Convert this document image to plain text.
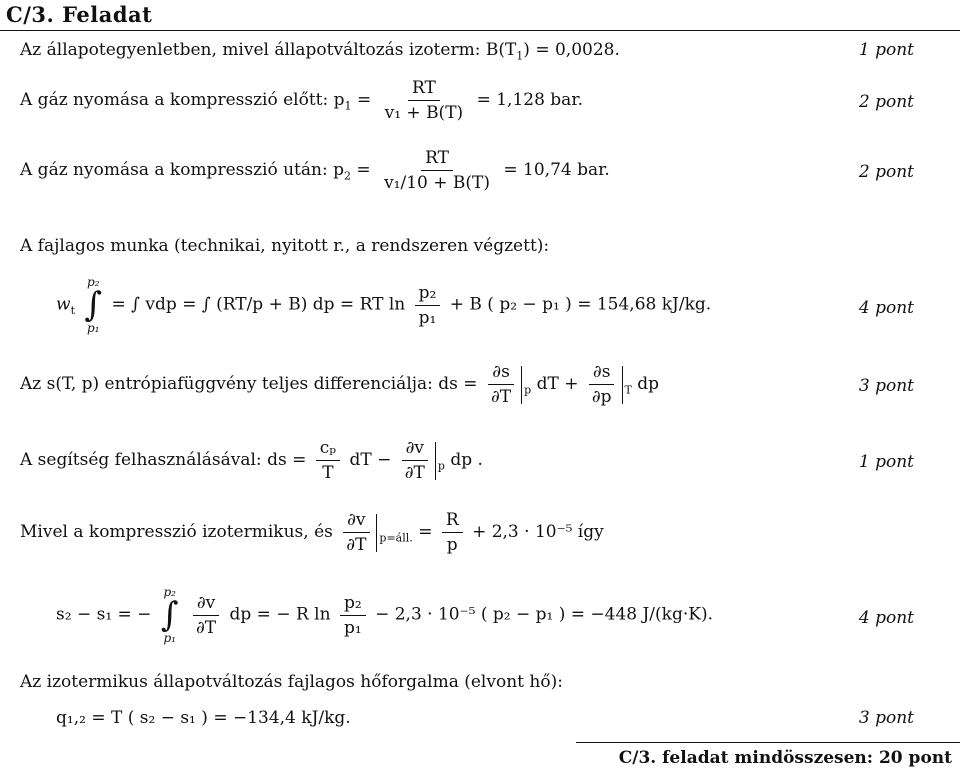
C/3. Feladat
Az állapotegyenletben, mivel állapotváltozás izoterm: $B(T_1) = 0,0028$.	1 pont
A gáz nyomása a kompresszió előtt: $p_1 = \frac{RT}{\text{v₁ + B(T)}} = 1,128$ bar.	2 pont
A gáz nyomása a kompresszió után: $p_2 = \frac{RT}{\text{v₁/10 + B(T)}} = 10,74$ bar.	2 pont
A fajlagos munka (technikai, nyitott r., a rendszeren végzett):
$w_t$
p₂
∫
p₁
= ∫ vdp = ∫ (RT/p + B) dp = RT $\ln \frac{\text{p₂}}{\text{p₁}} + B$ ( p₂ − p₁ ) = 154,68 kJ/kg.	4 pont
Az s(T, p) entrópiafüggvény teljes differenciálja: ds = $\frac{\partial s}{\partial T} _p$ dT + $\frac{\partial s}{\partial p} _T$ dp	3 pont
A segítség felhasználásával: ds = $\frac{\text{cₚ}}{T}$ dT − $\frac{\partial v}{\partial T} _p$ dp .	1 pont
Mivel a kompresszió izotermikus, és $\frac{\partial v}{\partial T} _{p=áll.} = \frac{R}{p} + 2,3 \cdot 10^{-5}$ így
s₂ − s₁ = −
p₂
∫
p₁

$\frac{\partial v}{\partial T}$ dp = − R $\ln \frac{\text{p₂}}{\text{p₁}} - 2,3 \cdot 10^{-5}$ ( p₂ − p₁ ) = −448 J/(kg·K).	4 pont
Az izotermikus állapotváltozás fajlagos hőforgalma (elvont hő):
q₁,₂ = T ( s₂ − s₁ ) = −134,4 kJ/kg.	3 pont
C/3. feladat mindösszesen: 20 pont
